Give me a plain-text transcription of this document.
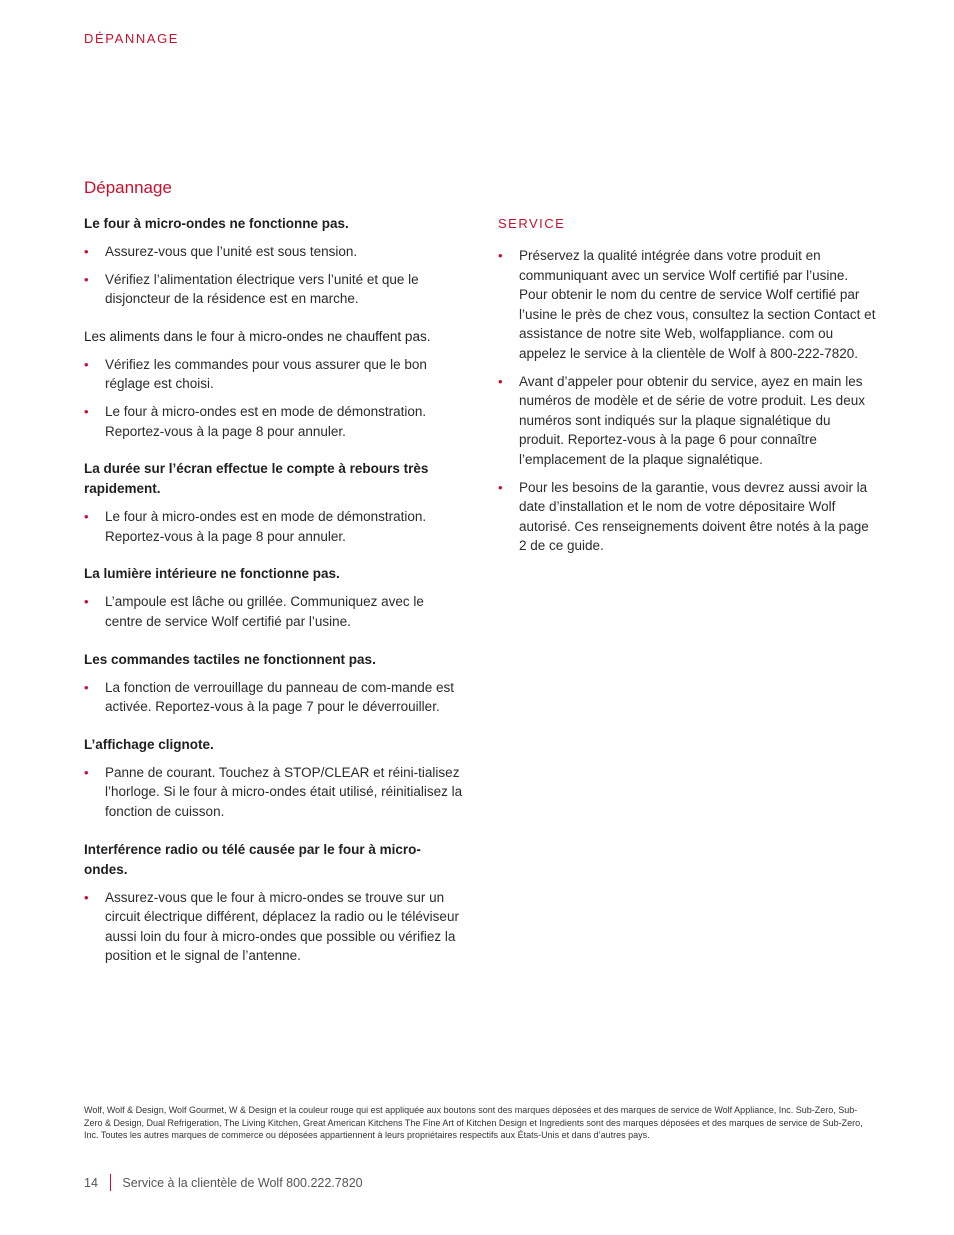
DÉPANNAGE
Dépannage

Le four à micro-ondes ne fonctionne pas.

• Assurez-vous que l’unité est sous tension.
• Vérifiez l’alimentation électrique vers l’unité et que le disjoncteur de la résidence est en marche.

Les aliments dans le four à micro-ondes ne chauffent pas.

• Vérifiez les commandes pour vous assurer que le bon réglage est choisi.
• Le four à micro-ondes est en mode de démonstration. Reportez-vous à la page 8 pour annuler.

La durée sur l’écran effectue le compte à rebours très rapidement.

• Le four à micro-ondes est en mode de démonstration. Reportez-vous à la page 8 pour annuler.

La lumière intérieure ne fonctionne pas.

• L’ampoule est lâche ou grillée. Communiquez avec le centre de service Wolf certifié par l’usine.

Les commandes tactiles ne fonctionnent pas.

• La fonction de verrouillage du panneau de com-mande est activée. Reportez-vous à la page 7 pour le déverrouiller.

L’affichage clignote.

• Panne de courant. Touchez à STOP/CLEAR et réini-tialisez l’horloge. Si le four à micro-ondes était utilisé, réinitialisez la fonction de cuisson.

Interférence radio ou télé causée par le four à micro-ondes.

• Assurez-vous que le four à micro-ondes se trouve sur un circuit électrique différent, déplacez la radio ou le téléviseur aussi loin du four à micro-ondes que possible ou vérifiez la position et le signal de l’antenne.

SERVICE

• Préservez la qualité intégrée dans votre produit en communiquant avec un service Wolf certifié par l’usine. Pour obtenir le nom du centre de service Wolf certifié par l’usine le près de chez vous, consultez la section Contact et assistance de notre site Web, wolfappliance. com ou appelez le service à la clientèle de Wolf à 800-222-7820.
• Avant d’appeler pour obtenir du service, ayez en main les numéros de modèle et de série de votre produit. Les deux numéros sont indiqués sur la plaque signalétique du produit. Reportez-vous à la page 6 pour connaître l’emplacement de la plaque signalétique.
• Pour les besoins de la garantie, vous devrez aussi avoir la date d’installation et le nom de votre dépositaire Wolf autorisé. Ces renseignements doivent être notés à la page 2 de ce guide.
Wolf, Wolf & Design, Wolf Gourmet, W & Design et la couleur rouge qui est appliquée aux boutons sont des marques déposées et des marques de service de Wolf Appliance, Inc. Sub-Zero, Sub-Zero & Design, Dual Refrigeration, The Living Kitchen, Great American Kitchens The Fine Art of Kitchen Design et Ingredients sont des marques déposées et des marques de service de Sub-Zero, Inc. Toutes les autres marques de commerce ou déposées appartiennent à leurs propriétaires respectifs aux États-Unis et dans d’autres pays.
14 Service à la clientèle de Wolf 800.222.7820
